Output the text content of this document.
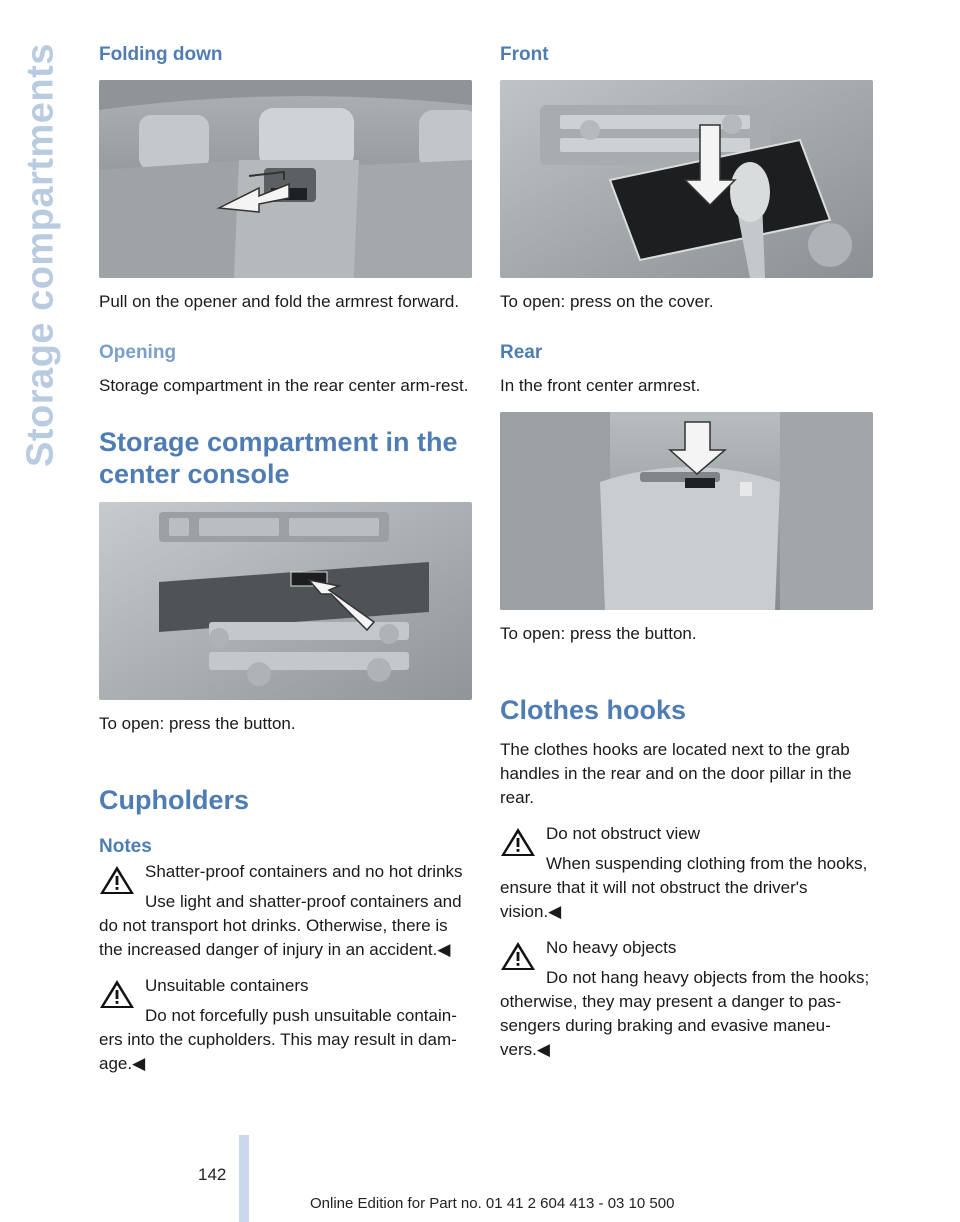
Storage compartments Folding down

Pull on the opener and fold the armrest forward.

Opening

Storage compartment in the rear center arm-rest.

Storage compartment in the center console

To open: press the button.

Cupholders
Notes
Shatter-proof containers and no hot drinks
Use light and shatter-proof containers and do not transport hot drinks. Otherwise, there is the increased danger of injury in an accident.◀
Unsuitable containers
Do not forcefully push unsuitable contain-ers into the cupholders. This may result in dam-age.◀
Front

To open: press on the cover.

Rear

In the front center armrest.

To open: press the button.

Clothes hooks

The clothes hooks are located next to the grab handles in the rear and on the door pillar in the rear.

Do not obstruct view
When suspending clothing from the hooks, ensure that it will not obstruct the driver's vision.◀
No heavy objects
Do not hang heavy objects from the hooks; otherwise, they may present a danger to pas-sengers during braking and evasive maneu-vers.◀
142
Online Edition for Part no. 01 41 2 604 413 - 03 10 500
